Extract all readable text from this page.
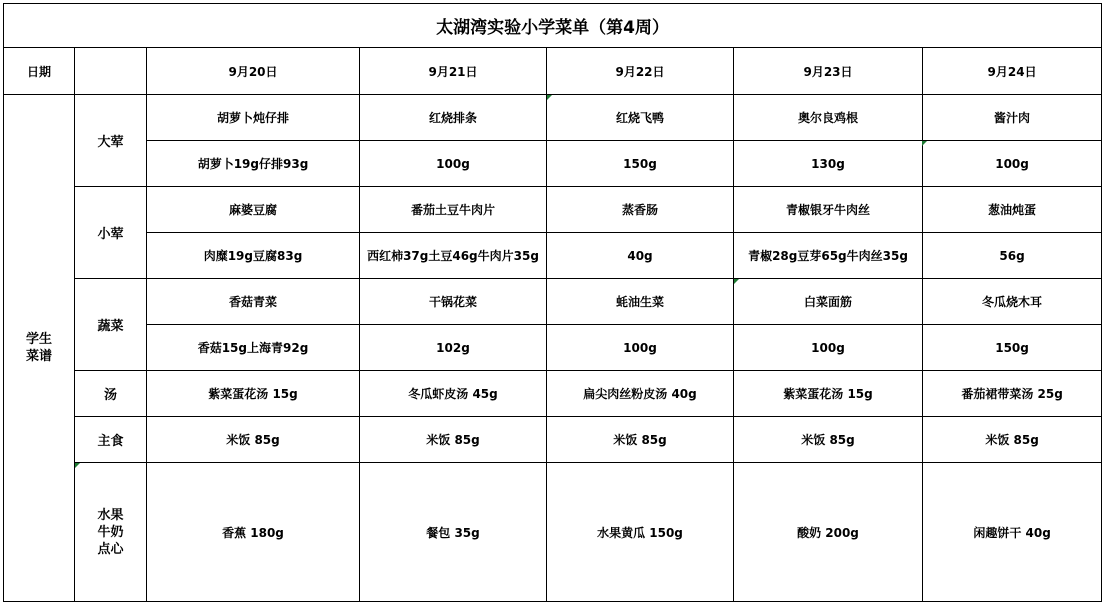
太湖湾实验小学菜单（第4周）						
日期		9月20日	9月21日	9月22日	9月23日	9月24日
学生
菜谱	大荤	胡萝卜炖仔排	红烧排条	红烧飞鸭	奥尔良鸡根	酱汁肉
		胡萝卜19g仔排93g	100g	150g	130g	100g
	小荤	麻婆豆腐	番茄土豆牛肉片	蒸香肠	青椒银牙牛肉丝	葱油炖蛋
		肉糜19g豆腐83g	西红柿37g土豆46g牛肉片35g	40g	青椒28g豆芽65g牛肉丝35g	56g
	蔬菜	香菇青菜	干锅花菜	蚝油生菜	白菜面筋	冬瓜烧木耳
		香菇15g上海青92g	102g	100g	100g	150g
	汤	紫菜蛋花汤 15g	冬瓜虾皮汤 45g	扁尖肉丝粉皮汤 40g	紫菜蛋花汤 15g	番茄裙带菜汤 25g
	主食	米饭 85g	米饭 85g	米饭 85g	米饭 85g	米饭 85g
	水果
牛奶
点心	香蕉 180g	餐包 35g	水果黄瓜 150g	酸奶 200g	闲趣饼干 40g
